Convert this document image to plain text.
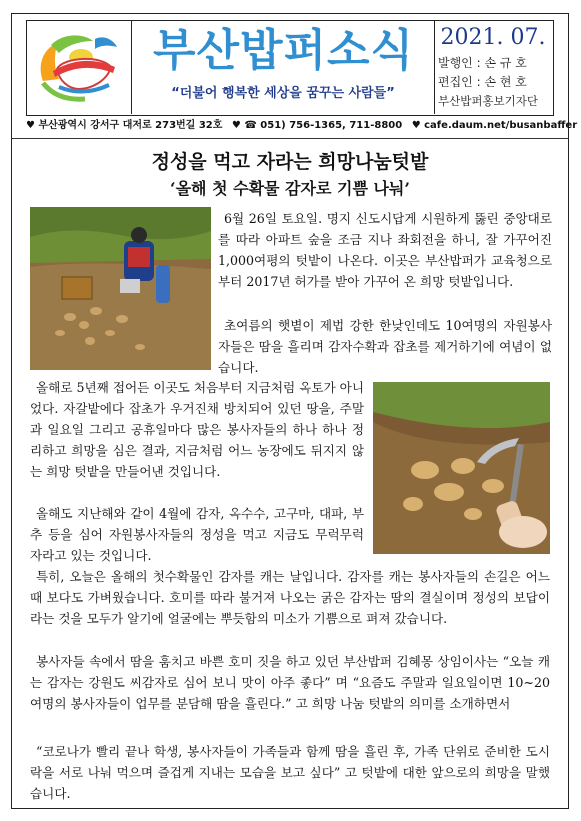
부산밥퍼소식
“더불어 행복한 세상을 꿈꾸는 사람들”
2021. 07.
발행인 : 손 규 호
편집인 : 손 현 호
부산밥퍼홍보기자단
♥ 부산광역시 강서구 대저로 273번길 32호 ♥ ☎ 051) 756-1365, 711-8800 ♥ cafe.daum.net/busanbaffer
정성을 먹고 자라는 희망나눔텃밭
‘올해 첫 수확물 감자로 기쁨 나눠’
6월 26일 토요일. 명지 신도시답게 시원하게 뚫린 중앙대로를 따라 아파트 숲을 조금 지나 좌회전을 하니, 잘 가꾸어진 1,000여평의 텃밭이 나온다. 이곳은 부산밥퍼가 교육청으로부터 2017년 허가를 받아 가꾸어 온 희망 텃밭입니다.
초여름의 햇볕이 제법 강한 한낮인데도 10여명의 자원봉사자들은 땀을 흘리며 감자수확과 잡초를 제거하기에 여념이 없습니다.
올해로 5년째 접어든 이곳도 처음부터 지금처럼 옥토가 아니었다. 자갈밭에다 잡초가 우거진채 방치되어 있던 땅을, 주말과 일요일 그리고 공휴일마다 많은 봉사자들의 하나 하나 정리하고 희망을 심은 결과, 지금처럼 어느 농장에도 뒤지지 않는 희망 텃밭을 만들어낸 것입니다.
올해도 지난해와 같이 4월에 감자, 옥수수, 고구마, 대파, 부추 등을 심어 자원봉사자들의 정성을 먹고 지금도 무럭무럭 자라고 있는 것입니다.
특히, 오늘은 올해의 첫수확물인 감자를 캐는 날입니다. 감자를 캐는 봉사자들의 손길은 어느때 보다도 가벼웠습니다. 호미를 따라 불거져 나오는 굵은 감자는 땀의 결실이며 정성의 보답이라는 것을 모두가 알기에 얼굴에는 뿌듯함의 미소가 기쁨으로 펴져 갔습니다.
봉사자들 속에서 땀을 훔치고 바쁜 호미 짓을 하고 있던 부산밥퍼 김혜몽 상임이사는 “오늘 캐는 감자는 강원도 씨감자로 심어 보니 맛이 아주 좋다” 며 “요즘도 주말과 일요일이면 10~20여명의 봉사자들이 업무를 분담해 땀을 흘린다.” 고 희망 나눔 텃밭의 의미를 소개하면서
“코로나가 빨리 끝나 학생, 봉사자들이 가족들과 함께 땀을 흘린 후, 가족 단위로 준비한 도시락을 서로 나눠 먹으며 즐겁게 지내는 모습을 보고 싶다” 고 텃밭에 대한 앞으로의 희망을 말했습니다.
